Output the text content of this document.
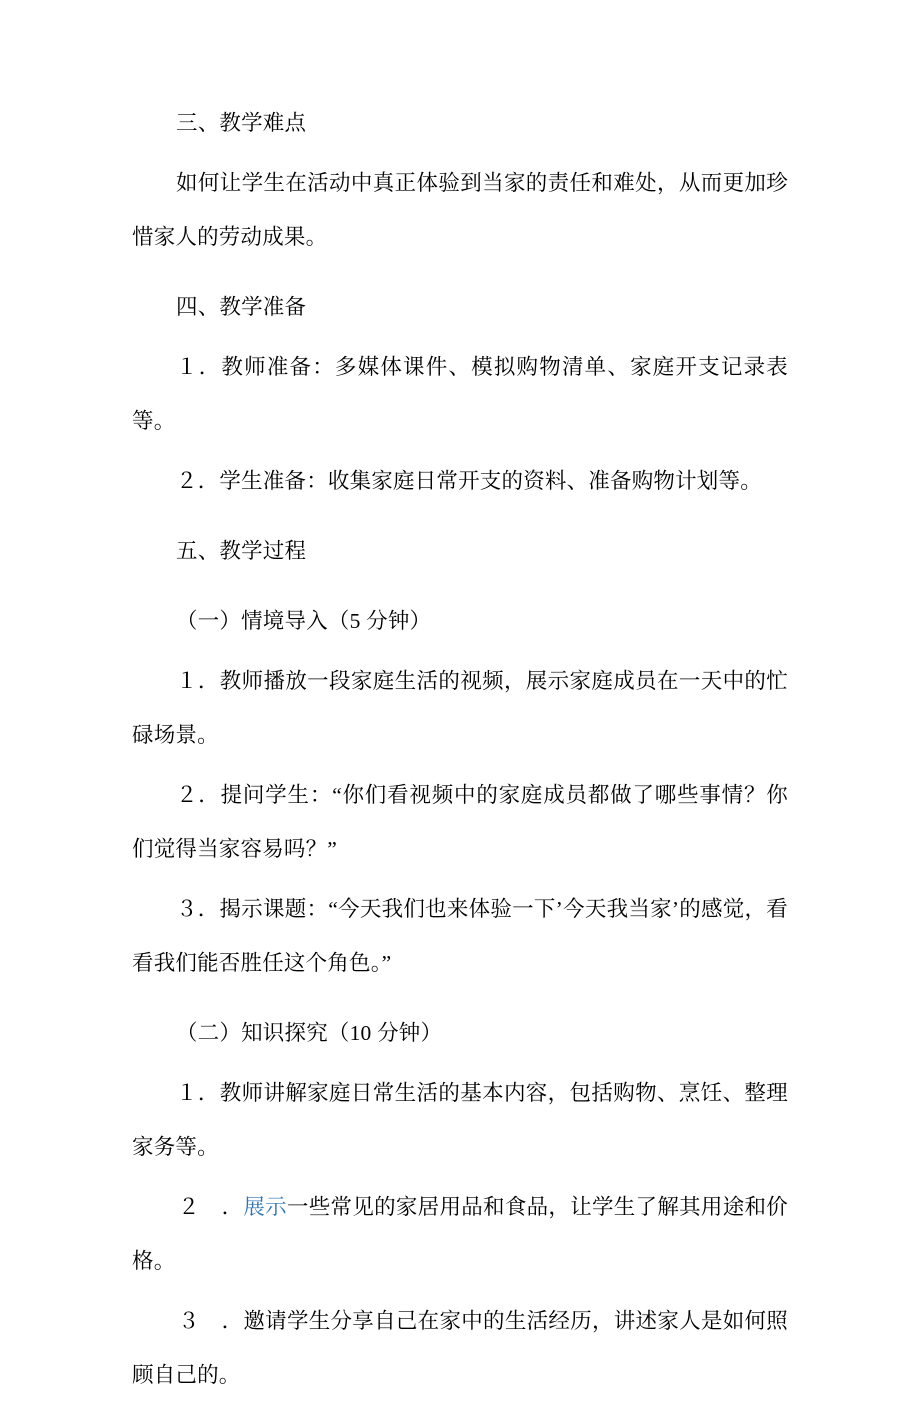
三、教学难点

如何让学生在活动中真正体验到当家的责任和难处，从而更加珍惜家人的劳动成果。

四、教学准备

１．教师准备：多媒体课件、模拟购物清单、家庭开支记录表等。

２．学生准备：收集家庭日常开支的资料、准备购物计划等。

五、教学过程

（一）情境导入（5 分钟）

１．教师播放一段家庭生活的视频，展示家庭成员在一天中的忙碌场景。

２．提问学生：“你们看视频中的家庭成员都做了哪些事情？你们觉得当家容易吗？”

３．揭示课题：“今天我们也来体验一下’今天我当家’的感觉，看看我们能否胜任这个角色。”

（二）知识探究（10 分钟）

１．教师讲解家庭日常生活的基本内容，包括购物、烹饪、整理家务等。

２　．展示一些常见的家居用品和食品，让学生了解其用途和价格。

３　．邀请学生分享自己在家中的生活经历，讲述家人是如何照顾自己的。
